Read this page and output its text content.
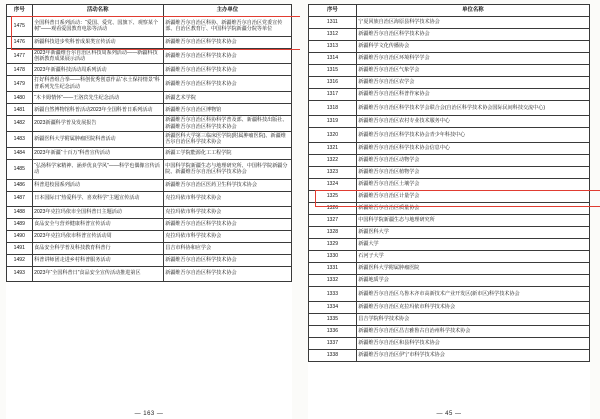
序号	活动名称	主办单位
1475	全国科普日系列活动：“爱国、爱党、国旗下、观察某个树”——观看爱国教育电影等活动	新疆维吾尔自治区科协、新疆维吾尔自治区党委宣传部、自治区教育厅、中国科学院新疆分院等单位
1476	新疆科技进步奖科普成果类宣传活动	新疆维吾尔自治区科学技术协会
1477	2023年新疆维吾尔自治区科技周系列活动——新疆科技创新教育成果展示活动	新疆维吾尔自治区科学技术协会
1478	2023年新疆科技活动周系列活动	新疆维吾尔自治区科学技术协会
1479	打好科普组合拳——科创优秀创意作品“水土保持情景”科普系列先生纪念活动	新疆维吾尔自治区科学技术协会
1480	“木卡姆情怀”——王洛宾先生纪念活动	新疆艺术学院
1481	新疆自然博物馆科普活动2023年全国科普日系列活动	新疆维吾尔自治区博物馆
1482	2023新疆科学普及发展报告	新疆维吾尔自治区科协科学普及部、新疆科技出版社、新疆维吾尔自治区科学技术协会
1483	新疆医科大学附属肿瘤医院科普活动	新疆医科大学第三临床医学院(附属肿瘤医院)、新疆维吾尔自治区科学技术协会
1484	2023年新疆“十百万”科普宣传活动	新疆工学院能源化工工程学院
1485	“弘扬科学家精神、涵养优良学风”——科学也偶像宣传活动	中国科学院新疆生态与地理研究所、中国科学院新疆分院、新疆维吾尔自治区科学技术协会
1486	科普进校园系列活动	新疆维吾尔自治区医药卫生科学技术协会
1487	日本国际日“热爱科学、喜欢科学”主题宣传活动	克拉玛依市科学技术协会
1488	2023年克拉玛依市全国科普日主题活动	克拉玛依市科学技术协会
1489	食品安全与营养健康科普宣传活动	新疆维吾尔自治区科学技术协会
1490	2023年克拉玛依市科普宣传活动周	克拉玛依市科学技术协会
1491	食品安全科学普及科技教育科普行	昌吉市科协和应学会
1492	科普讲师团走进乡村科普服务活动	新疆维吾尔自治区科学技术协会
1493	2023年“全国科普日”食品安全宣传活动推进第区	新疆维吾尔自治区科学技术协会
— 163 —
序号	单位名称
1311	宁夏回族自治区海原县科学技术协会
1312	新疆维吾尔自治区科学技术协会
1313	新疆科学文化传播协会
1314	新疆维吾尔自治区环境科学学会
1315	新疆维吾尔自治区气象学会
1316	新疆维吾尔自治区农学会
1317	新疆维吾尔自治区科普作家协会
1318	新疆维吾尔自治区科学技术学会联合会(自治区科学技术协会国际民间科技交流中心)
1319	新疆维吾尔自治区农村专业技术服务中心
1320	新疆维吾尔自治区科学技术协会青少年科技中心
1321	新疆维吾尔自治区科学技术协会信息中心
1322	新疆维吾尔自治区动物学会
1323	新疆维吾尔自治区植物学会
1324	新疆维吾尔自治区土壤学会
1325	新疆维吾尔自治区计量学会
1326	新疆维吾尔自治区质量协会
1327	中国科学院新疆生态与地理研究所
1328	新疆医科大学
1329	新疆大学
1330	石河子大学
1331	新疆医科大学附属肿瘤医院
1332	新疆地质学会
1333	新疆维吾尔自治区乌鲁木齐市高新技术产业开发区(新市区)科学技术协会
1334	新疆维吾尔自治区克拉玛依市科学技术协会
1335	昌吉学院科学技术协会
1336	新疆维吾尔自治区昌吉雅鲁古自治州科学技术协会
1337	新疆维吾尔自治区和县科学技术协会
1338	新疆维吾尔自治区伊宁市科学技术协会
— 45 —
